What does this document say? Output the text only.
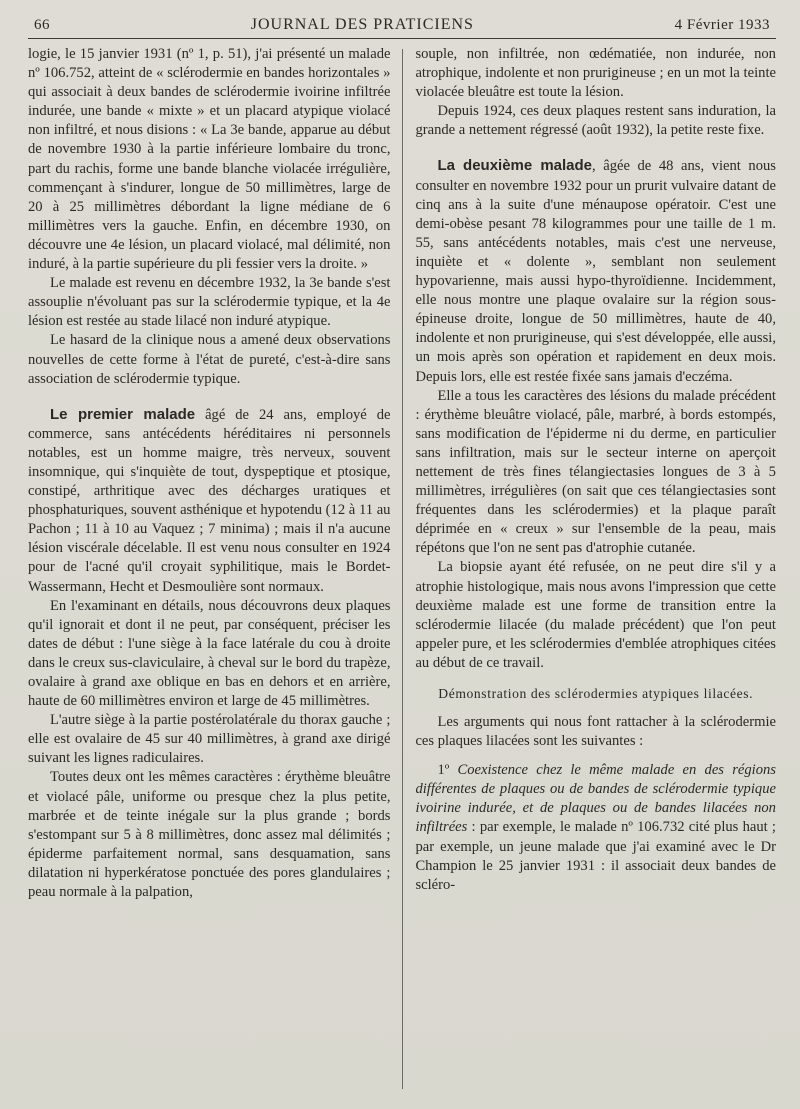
66	JOURNAL DES PRATICIENS	4 Février 1933

logie, le 15 janvier 1931 (nº 1, p. 51), j'ai présenté un malade nº 106.752, atteint de « sclérodermie en bandes horizontales » qui associait à deux bandes de sclérodermie ivoirine infiltrée indurée, une bande « mixte » et un placard atypique violacé non infiltré, et nous disions : « La 3e bande, apparue au début de novembre 1930 à la partie inférieure lombaire du tronc, part du rachis, forme une bande blanche violacée irrégulière, commençant à s'indurer, longue de 50 millimètres, large de 20 à 25 millimètres débordant la ligne médiane de 6 millimètres vers la gauche. Enfin, en décembre 1930, on découvre une 4e lésion, un placard violacé, mal délimité, non induré, à la partie supérieure du pli fessier vers la droite. »

Le malade est revenu en décembre 1932, la 3e bande s'est assouplie n'évoluant pas sur la sclérodermie typique, et la 4e lésion est restée au stade lilacé non induré atypique.

Le hasard de la clinique nous a amené deux observations nouvelles de cette forme à l'état de pureté, c'est-à-dire sans association de sclérodermie typique.

Le premier malade âgé de 24 ans, employé de commerce, sans antécédents héréditaires ni personnels notables, est un homme maigre, très nerveux, souvent insomnique, qui s'inquiète de tout, dyspeptique et ptosique, constipé, arthritique avec des décharges uratiques et phosphaturiques, souvent asthénique et hypotendu (12 à 11 au Pachon ; 11 à 10 au Vaquez ; 7 minima) ; mais il n'a aucune lésion viscérale décelable. Il est venu nous consulter en 1924 pour de l'acné qu'il croyait syphilitique, mais le Bordet-Wassermann, Hecht et Desmoulière sont normaux.

En l'examinant en détails, nous découvrons deux plaques qu'il ignorait et dont il ne peut, par conséquent, préciser les dates de début : l'une siège à la face latérale du cou à droite dans le creux sus-claviculaire, à cheval sur le bord du trapèze, ovalaire à grand axe oblique en bas en dehors et en arrière, haute de 60 millimètres environ et large de 45 millimètres.

L'autre siège à la partie postérolatérale du thorax gauche ; elle est ovalaire de 45 sur 40 millimètres, à grand axe dirigé suivant les lignes radiculaires.

Toutes deux ont les mêmes caractères : érythème bleuâtre et violacé pâle, uniforme ou presque chez la plus petite, marbrée et de teinte inégale sur la plus grande ; bords s'estompant sur 5 à 8 millimètres, donc assez mal délimités ; épiderme parfaitement normal, sans desquamation, sans dilatation ni hyperkératose ponctuée des pores glandulaires ; peau normale à la palpation,

souple, non infiltrée, non œdématiée, non indurée, non atrophique, indolente et non prurigineuse ; en un mot la teinte violacée bleuâtre est toute la lésion.

Depuis 1924, ces deux plaques restent sans induration, la grande a nettement régressé (août 1932), la petite reste fixe.

La deuxième malade, âgée de 48 ans, vient nous consulter en novembre 1932 pour un prurit vulvaire datant de cinq ans à la suite d'une ménaupose opératoir. C'est une demi-obèse pesant 78 kilogrammes pour une taille de 1 m. 55, sans antécédents notables, mais c'est une nerveuse, inquiète et « dolente », semblant non seulement hypovarienne, mais aussi hypo-thyroïdienne. Incidemment, elle nous montre une plaque ovalaire sur la région sous-épineuse droite, longue de 50 millimètres, haute de 40, indolente et non prurigineuse, qui s'est développée, elle aussi, un mois après son opération et rapidement en deux mois. Depuis lors, elle est restée fixée sans jamais d'eczéma.

Elle a tous les caractères des lésions du malade précédent : érythème bleuâtre violacé, pâle, marbré, à bords estompés, sans modification de l'épiderme ni du derme, en particulier sans infiltration, mais sur le secteur interne on aperçoit nettement de très fines télangiectasies longues de 3 à 5 millimètres, irrégulières (on sait que ces télangiectasies sont fréquentes dans les sclérodermies) et la plaque paraît déprimée en « creux » sur l'ensemble de la peau, mais répétons que l'on ne sent pas d'atrophie cutanée.

La biopsie ayant été refusée, on ne peut dire s'il y a atrophie histologique, mais nous avons l'impression que cette deuxième malade est une forme de transition entre la sclérodermie lilacée (du malade précédent) que l'on peut appeler pure, et les sclérodermies d'emblée atrophiques citées au début de ce travail.

Démonstration des sclérodermies atypiques lilacées.

Les arguments qui nous font rattacher à la sclérodermie ces plaques lilacées sont les suivantes :

1º Coexistence chez le même malade en des régions différentes de plaques ou de bandes de sclérodermie typique ivoirine indurée, et de plaques ou de bandes lilacées non infiltrées : par exemple, le malade nº 106.732 cité plus haut ; par exemple, un jeune malade que j'ai examiné avec le Dr Champion le 25 janvier 1931 : il associait deux bandes de scléro-
